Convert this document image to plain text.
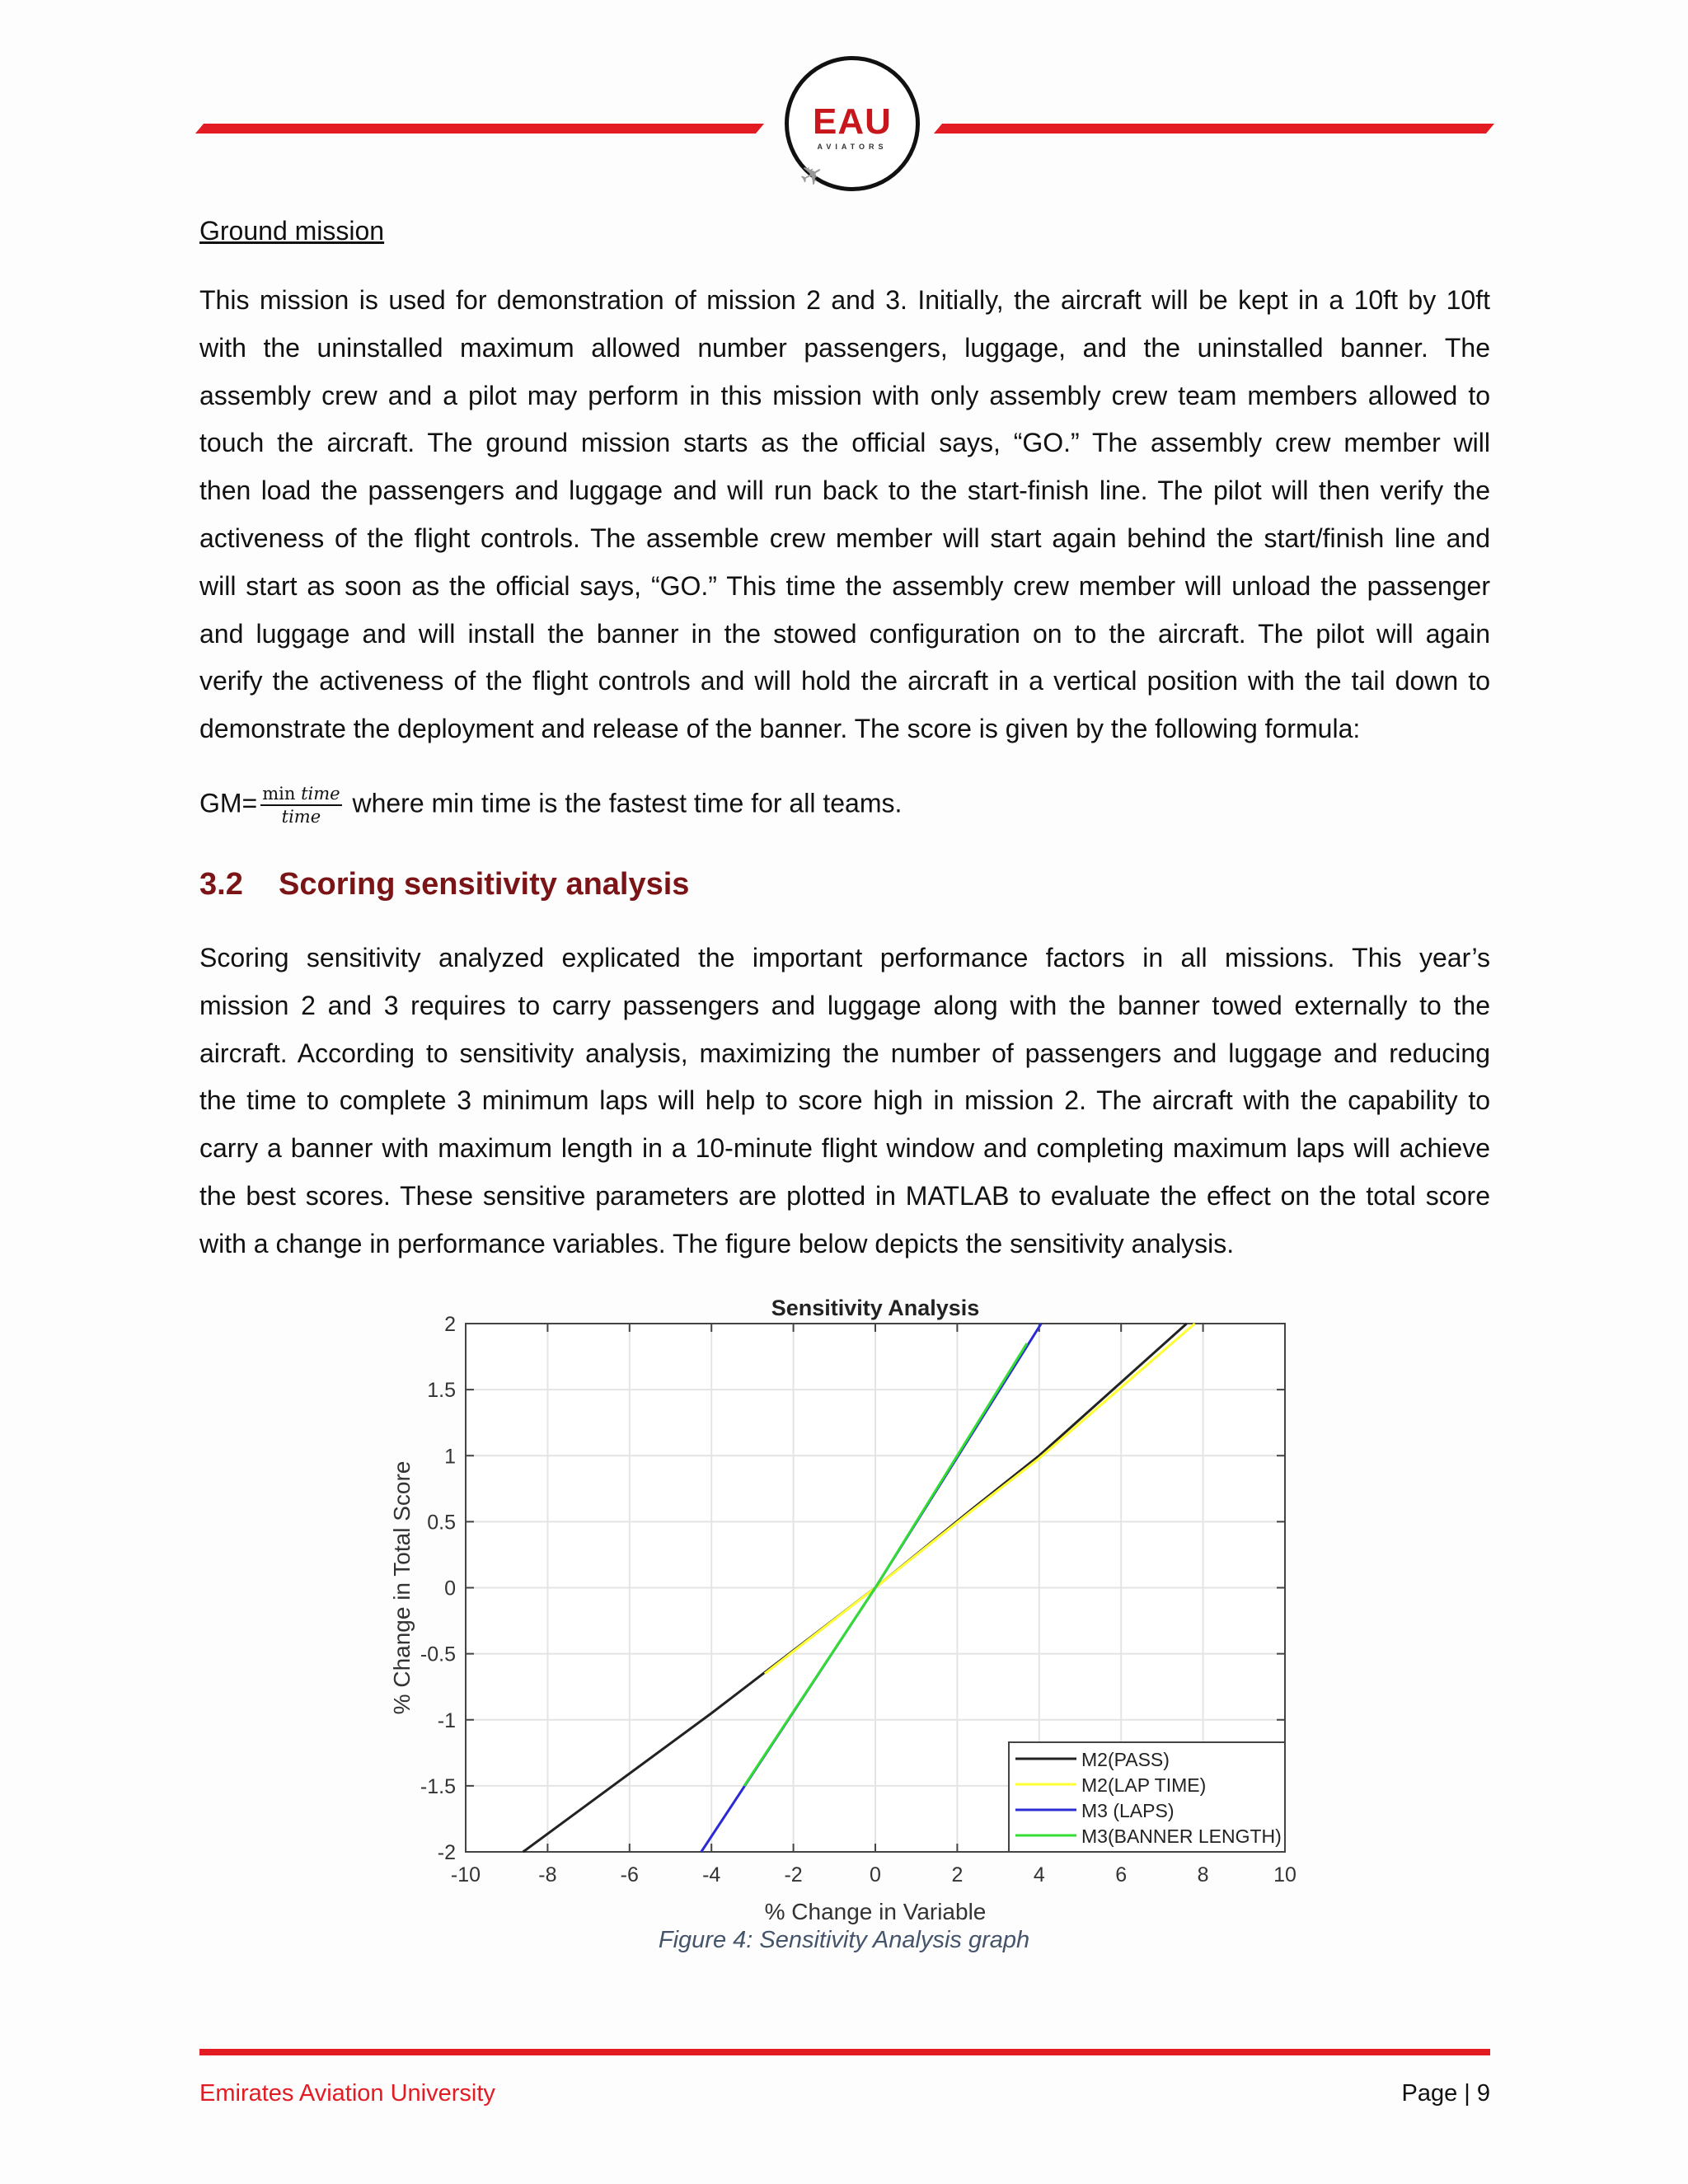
EAU
AVIATORS
✈
Ground mission
This mission is used for demonstration of mission 2 and 3. Initially, the aircraft will be kept in a 10ft by 10ft
with the uninstalled maximum allowed number passengers, luggage, and the uninstalled banner. The
assembly crew and a pilot may perform in this mission with only assembly crew team members allowed to
touch the aircraft. The ground mission starts as the official says, “GO.” The assembly crew member will
then load the passengers and luggage and will run back to the start-finish line. The pilot will then verify the
activeness of the flight controls. The assemble crew member will start again behind the start/finish line and
will start as soon as the official says, “GO.” This time the assembly crew member will unload the passenger
and luggage and will install the banner in the stowed configuration on to the aircraft. The pilot will again
verify the activeness of the flight controls and will hold the aircraft in a vertical position with the tail down to
demonstrate the deployment and release of the banner. The score is given by the following formula:
$GM= \frac{\text{min time}}{\text{time}}$ where min time is the fastest time for all teams.
3.2 Scoring sensitivity analysis
Scoring sensitivity analyzed explicated the important performance factors in all missions. This year’s
mission 2 and 3 requires to carry passengers and luggage along with the banner towed externally to the
aircraft. According to sensitivity analysis, maximizing the number of passengers and luggage and reducing
the time to complete 3 minimum laps will help to score high in mission 2. The aircraft with the capability to
carry a banner with maximum length in a 10-minute flight window and completing maximum laps will achieve
the best scores. These sensitive parameters are plotted in MATLAB to evaluate the effect on the total score
with a change in performance variables. The figure below depicts the sensitivity analysis.
-10	-8	-6	-4	-2	0	2	4	6	8	10
2
1.5
1
0.5
0
-0.5
-1
-1.5
-2
M2(PASS)
M2(LAP TIME)
M3 (LAPS)
M3(BANNER LENGTH)
Sensitivity Analysis
% Change in Variable
% Change in Total Score
Figure 4: Sensitivity Analysis graph
Emirates Aviation University	Page | 9
